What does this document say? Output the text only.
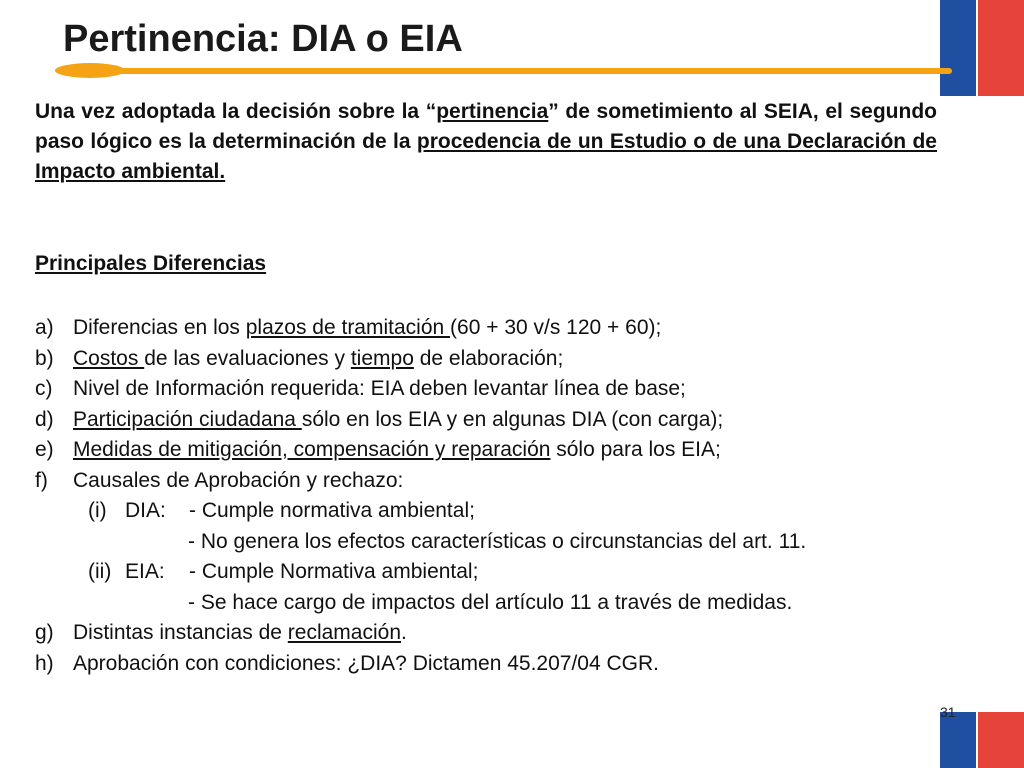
Pertinencia: DIA o EIA
Una vez adoptada la decisión sobre la “pertinencia” de sometimiento al SEIA, el segundo paso lógico es la determinación de la procedencia de un Estudio o de una Declaración de Impacto ambiental.
Principales Diferencias
a) Diferencias en los plazos de tramitación (60 + 30 v/s 120 + 60);
b) Costos de las evaluaciones y tiempo de elaboración;
c) Nivel de Información requerida: EIA deben levantar línea de base;
d) Participación ciudadana sólo en los EIA y en algunas DIA (con carga);
e) Medidas de mitigación, compensación y reparación sólo para los EIA;
f) Causales de Aprobación y rechazo:
(i) DIA: - Cumple normativa ambiental;
- No genera los efectos características o circunstancias del art. 11.
(ii) EIA: - Cumple Normativa ambiental;
- Se hace cargo de impactos del artículo 11 a través de medidas.
g) Distintas instancias de reclamación.
h) Aprobación con condiciones: ¿DIA? Dictamen 45.207/04 CGR.
31
